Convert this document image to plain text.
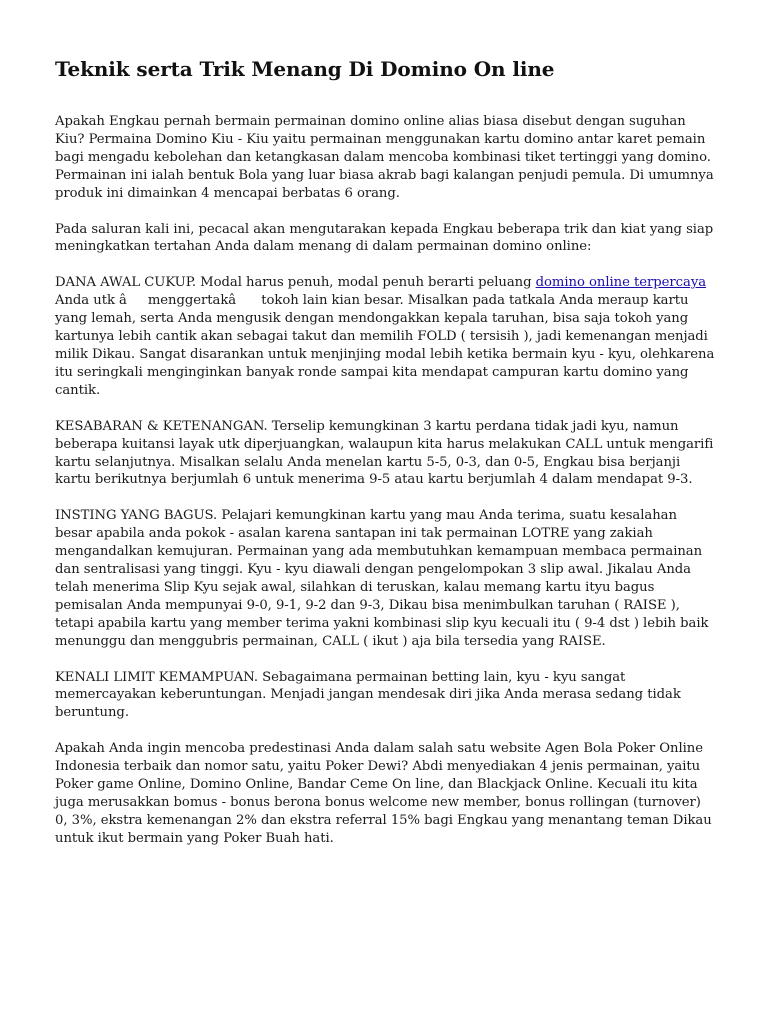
Teknik serta Trik Menang Di Domino On line

Apakah Engkau pernah bermain permainan domino online alias biasa disebut dengan suguhan Kiu? Permaina Domino Kiu - Kiu yaitu permainan menggunakan kartu domino antar karet pemain bagi mengadu kebolehan dan ketangkasan dalam mencoba kombinasi tiket tertinggi yang domino. Permainan ini ialah bentuk Bola yang luar biasa akrab bagi kalangan penjudi pemula. Di umumnya produk ini dimainkan 4 mencapai berbatas 6 orang.

Pada saluran kali ini, pecacal akan mengutarakan kepada Engkau beberapa trik dan kiat yang siap meningkatkan tertahan Anda dalam menang di dalam permainan domino online:

DANA AWAL CUKUP. Modal harus penuh, modal penuh berarti peluang domino online terpercaya Anda utk âmenggertakâ tokoh lain kian besar. Misalkan pada tatkala Anda meraup kartu yang lemah, serta Anda mengusik dengan mendongakkan kepala taruhan, bisa saja tokoh yang kartunya lebih cantik akan sebagai takut dan memilih FOLD ( tersisih ), jadi kemenangan menjadi milik Dikau. Sangat disarankan untuk menjinjing modal lebih ketika bermain kyu - kyu, olehkarena itu seringkali menginginkan banyak ronde sampai kita mendapat campuran kartu domino yang cantik.

KESABARAN & KETENANGAN. Terselip kemungkinan 3 kartu perdana tidak jadi kyu, namun beberapa kuitansi layak utk diperjuangkan, walaupun kita harus melakukan CALL untuk mengarifi kartu selanjutnya. Misalkan selalu Anda menelan kartu 5-5, 0-3, dan 0-5, Engkau bisa berjanji kartu berikutnya berjumlah 6 untuk menerima 9-5 atau kartu berjumlah 4 dalam mendapat 9-3.

INSTING YANG BAGUS. Pelajari kemungkinan kartu yang mau Anda terima, suatu kesalahan besar apabila anda pokok - asalan karena santapan ini tak permainan LOTRE yang zakiah mengandalkan kemujuran. Permainan yang ada membutuhkan kemampuan membaca permainan dan sentralisasi yang tinggi. Kyu - kyu diawali dengan pengelompokan 3 slip awal. Jikalau Anda telah menerima Slip Kyu sejak awal, silahkan di teruskan, kalau memang kartu ityu bagus pemisalan Anda mempunyai 9-0, 9-1, 9-2 dan 9-3, Dikau bisa menimbulkan taruhan ( RAISE ), tetapi apabila kartu yang member terima yakni kombinasi slip kyu kecuali itu ( 9-4 dst ) lebih baik menunggu dan menggubris permainan, CALL ( ikut ) aja bila tersedia yang RAISE.

KENALI LIMIT KEMAMPUAN. Sebagaimana permainan betting lain, kyu - kyu sangat memercayakan keberuntungan. Menjadi jangan mendesak diri jika Anda merasa sedang tidak beruntung.

Apakah Anda ingin mencoba predestinasi Anda dalam salah satu website Agen Bola Poker Online Indonesia terbaik dan nomor satu, yaitu Poker Dewi? Abdi menyediakan 4 jenis permainan, yaitu Poker game Online, Domino Online, Bandar Ceme On line, dan Blackjack Online. Kecuali itu kita juga merusakkan bomus - bonus berona bonus welcome new member, bonus rollingan (turnover) 0, 3%, ekstra kemenangan 2% dan ekstra referral 15% bagi Engkau yang menantang teman Dikau untuk ikut bermain yang Poker Buah hati.
